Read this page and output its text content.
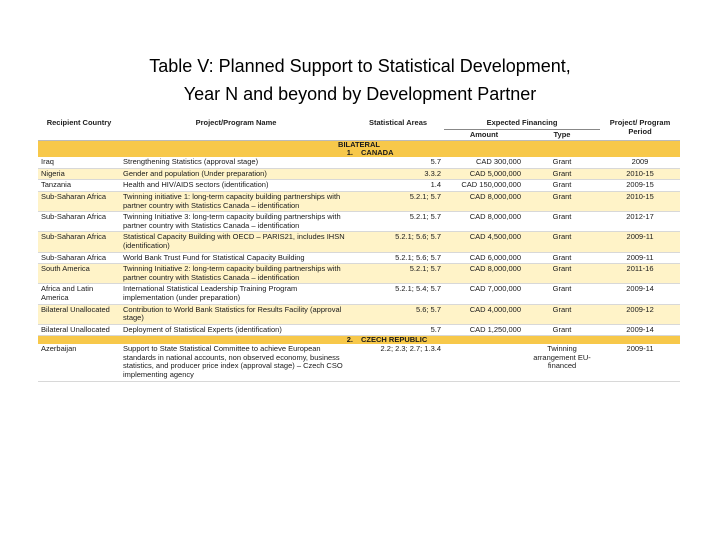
Table V: Planned Support to Statistical Development,
Year N and beyond by Development Partner
Recipient Country	Project/Program Name	Statistical Areas	Expected Financing		Project/ Program Period
			Amount	Type	
BILATERAL					
1. CANADA					
Iraq	Strengthening Statistics (approval stage)	5.7	CAD 300,000	Grant	2009
Nigeria	Gender and population (Under preparation)	3.3.2	CAD 5,000,000	Grant	2010-15
Tanzania	Health and HIV/AIDS sectors (identification)	1.4	CAD 150,000,000	Grant	2009-15
Sub-Saharan Africa	Twinning initiative 1: long-term capacity building partnerships with partner country with Statistics Canada – identification	5.2.1; 5.7	CAD 8,000,000	Grant	2010-15
Sub-Saharan Africa	Twinning Initiative 3: long-term capacity building partnerships with partner country with Statistics Canada – identification	5.2.1; 5.7	CAD 8,000,000	Grant	2012-17
Sub-Saharan Africa	Statistical Capacity Building with OECD – PARIS21, includes IHSN (identification)	5.2.1; 5.6; 5.7	CAD 4,500,000	Grant	2009-11
Sub-Saharan Africa	World Bank Trust Fund for Statistical Capacity Building	5.2.1; 5.6; 5.7	CAD 6,000,000	Grant	2009-11
South America	Twinning Initiative 2: long-term capacity building partnerships with partner country with Statistics Canada – identification	5.2.1; 5.7	CAD 8,000,000	Grant	2011-16
Africa and Latin America	International Statistical Leadership Training Program implementation (under preparation)	5.2.1; 5.4; 5.7	CAD 7,000,000	Grant	2009-14
Bilateral Unallocated	Contribution to World Bank Statistics for Results Facility (approval stage)	5.6; 5.7	CAD 4,000,000	Grant	2009-12
Bilateral Unallocated	Deployment of Statistical Experts (identification)	5.7	CAD 1,250,000	Grant	2009-14
2. CZECH REPUBLIC					
Azerbaijan	Support to State Statistical Committee to achieve European standards in national accounts, non observed economy, business statistics, and producer price index (approval stage) – Czech CSO implementing agency	2.2; 2.3; 2.7; 1.3.4		Twinning arrangement EU-financed	2009-11
